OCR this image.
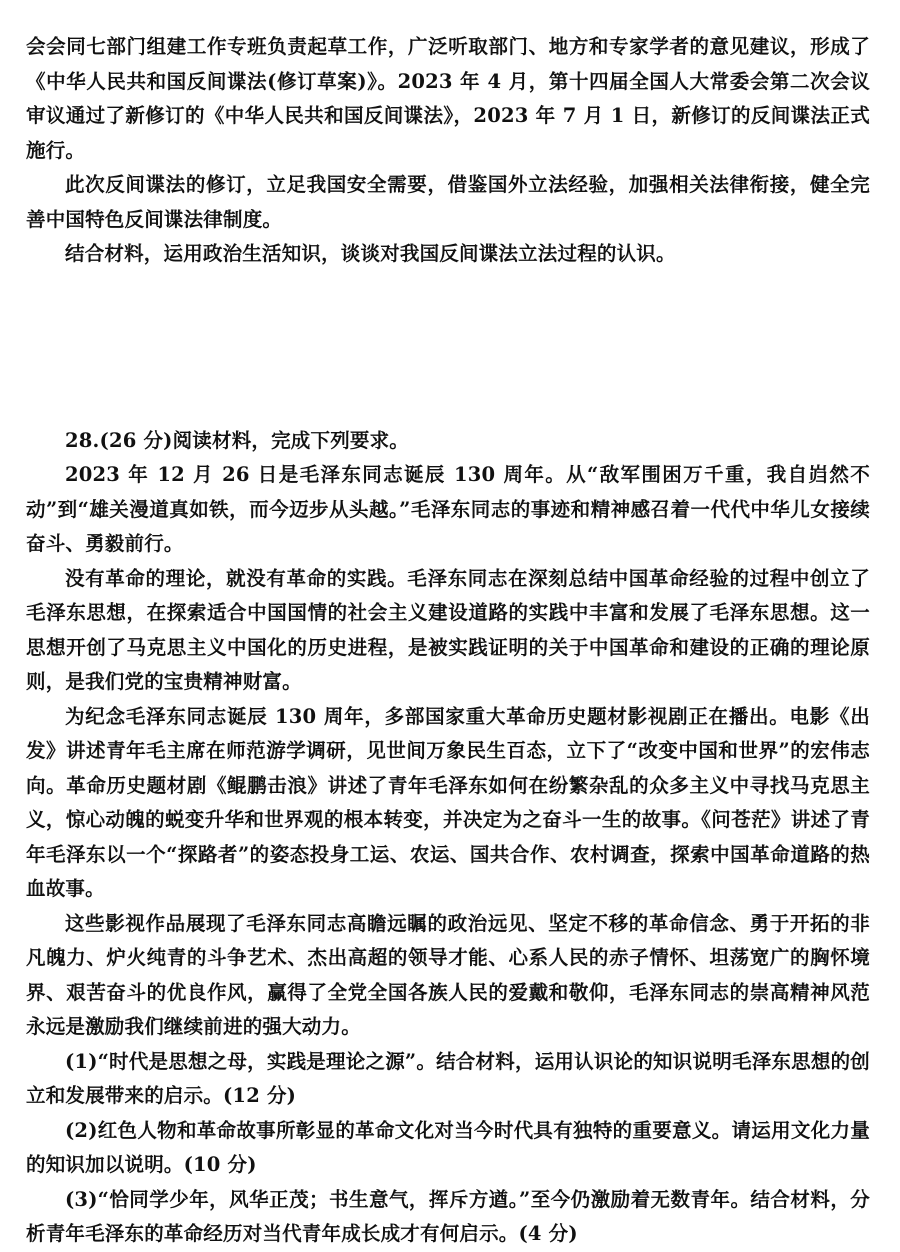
会会同七部门组建工作专班负责起草工作，广泛听取部门、地方和专家学者的意见建议，形成了《中华人民共和国反间谍法(修订草案)》。2023 年 4 月，第十四届全国人大常委会第二次会议审议通过了新修订的《中华人民共和国反间谍法》，2023 年 7 月 1 日，新修订的反间谍法正式施行。

此次反间谍法的修订，立足我国安全需要，借鉴国外立法经验，加强相关法律衔接，健全完善中国特色反间谍法律制度。

结合材料，运用政治生活知识，谈谈对我国反间谍法立法过程的认识。

28.(26 分)阅读材料，完成下列要求。

2023 年 12 月 26 日是毛泽东同志诞辰 130 周年。从“敌军围困万千重，我自岿然不动”到“雄关漫道真如铁，而今迈步从头越。”毛泽东同志的事迹和精神感召着一代代中华儿女接续奋斗、勇毅前行。

没有革命的理论，就没有革命的实践。毛泽东同志在深刻总结中国革命经验的过程中创立了毛泽东思想，在探索适合中国国情的社会主义建设道路的实践中丰富和发展了毛泽东思想。这一思想开创了马克思主义中国化的历史进程，是被实践证明的关于中国革命和建设的正确的理论原则，是我们党的宝贵精神财富。

为纪念毛泽东同志诞辰 130 周年，多部国家重大革命历史题材影视剧正在播出。电影《出发》讲述青年毛主席在师范游学调研，见世间万象民生百态，立下了“改变中国和世界”的宏伟志向。革命历史题材剧《鲲鹏击浪》讲述了青年毛泽东如何在纷繁杂乱的众多主义中寻找马克思主义，惊心动魄的蜕变升华和世界观的根本转变，并决定为之奋斗一生的故事。《问苍茫》讲述了青年毛泽东以一个“探路者”的姿态投身工运、农运、国共合作、农村调查，探索中国革命道路的热血故事。

这些影视作品展现了毛泽东同志高瞻远瞩的政治远见、坚定不移的革命信念、勇于开拓的非凡魄力、炉火纯青的斗争艺术、杰出高超的领导才能、心系人民的赤子情怀、坦荡宽广的胸怀境界、艰苦奋斗的优良作风，赢得了全党全国各族人民的爱戴和敬仰，毛泽东同志的崇高精神风范永远是激励我们继续前进的强大动力。

(1)“时代是思想之母，实践是理论之源”。结合材料，运用认识论的知识说明毛泽东思想的创立和发展带来的启示。(12 分)

(2)红色人物和革命故事所彰显的革命文化对当今时代具有独特的重要意义。请运用文化力量的知识加以说明。(10 分)

(3)“恰同学少年，风华正茂；书生意气，挥斥方遒。”至今仍激励着无数青年。结合材料，分析青年毛泽东的革命经历对当代青年成长成才有何启示。(4 分)
